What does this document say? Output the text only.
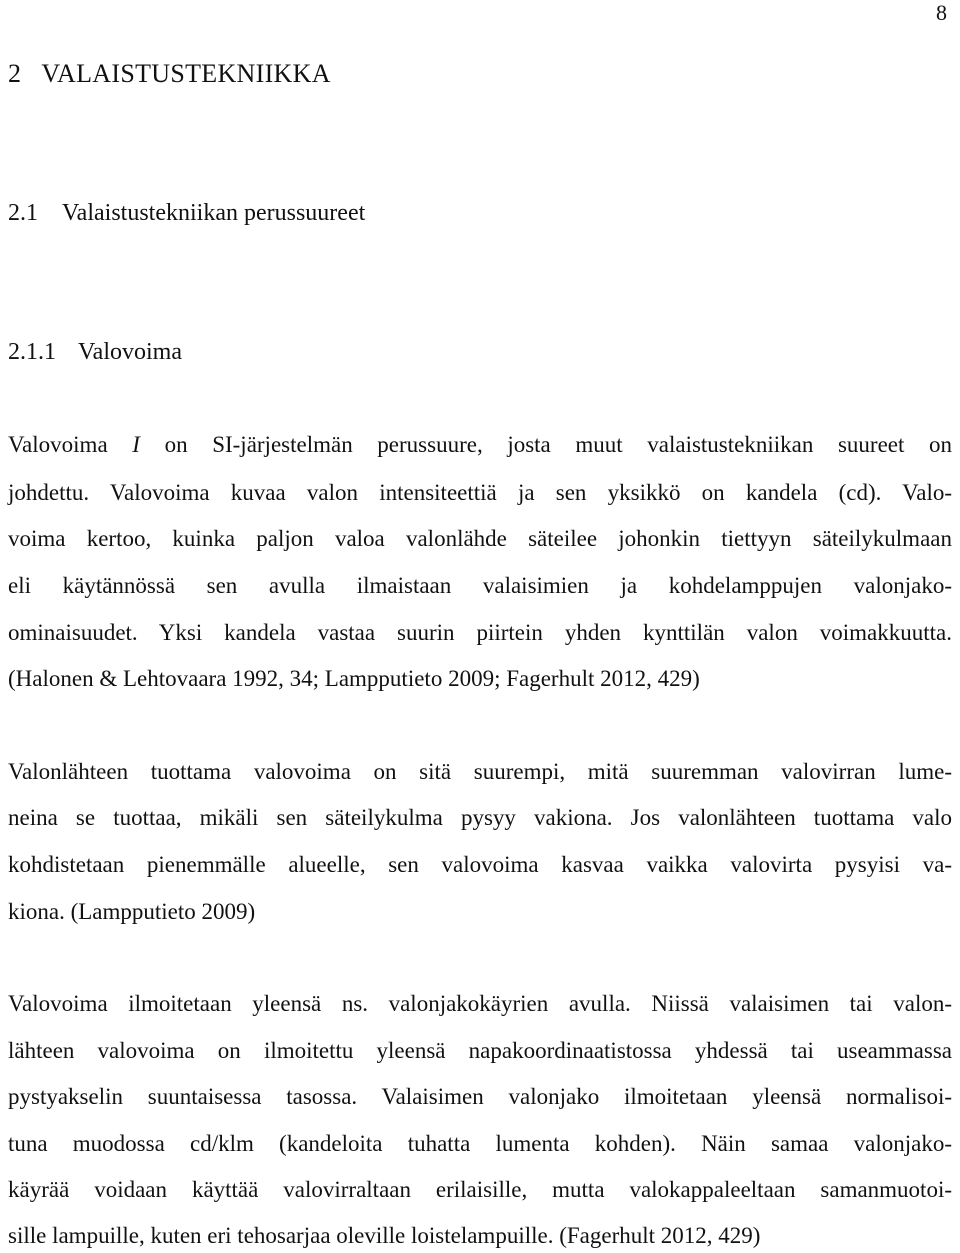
8
2 VALAISTUSTEKNIIKKA
2.1 Valaistustekniikan perussuureet
2.1.1 Valovoima
Valovoima I on SI-järjestelmän perussuure, josta muut valaistustekniikan suureet on
johdettu. Valovoima kuvaa valon intensiteettiä ja sen yksikkö on kandela (cd). Valo-
voima kertoo, kuinka paljon valoa valonlähde säteilee johonkin tiettyyn säteilykulmaan
eli käytännössä sen avulla ilmaistaan valaisimien ja kohdelamppujen valonjako-
ominaisuudet. Yksi kandela vastaa suurin piirtein yhden kynttilän valon voimakkuutta.
(Halonen & Lehtovaara 1992, 34; Lampputieto 2009; Fagerhult 2012, 429)
Valonlähteen tuottama valovoima on sitä suurempi, mitä suuremman valovirran lume-
neina se tuottaa, mikäli sen säteilykulma pysyy vakiona. Jos valonlähteen tuottama valo
kohdistetaan pienemmälle alueelle, sen valovoima kasvaa vaikka valovirta pysyisi va-
kiona. (Lampputieto 2009)
Valovoima ilmoitetaan yleensä ns. valonjakokäyrien avulla. Niissä valaisimen tai valon-
lähteen valovoima on ilmoitettu yleensä napakoordinaatistossa yhdessä tai useammassa
pystyakselin suuntaisessa tasossa. Valaisimen valonjako ilmoitetaan yleensä normalisoi-
tuna muodossa cd/klm (kandeloita tuhatta lumenta kohden). Näin samaa valonjako-
käyrää voidaan käyttää valovirraltaan erilaisille, mutta valokappaleeltaan samanmuotoi-
sille lampuille, kuten eri tehosarjaa oleville loistelampuille. (Fagerhult 2012, 429)
